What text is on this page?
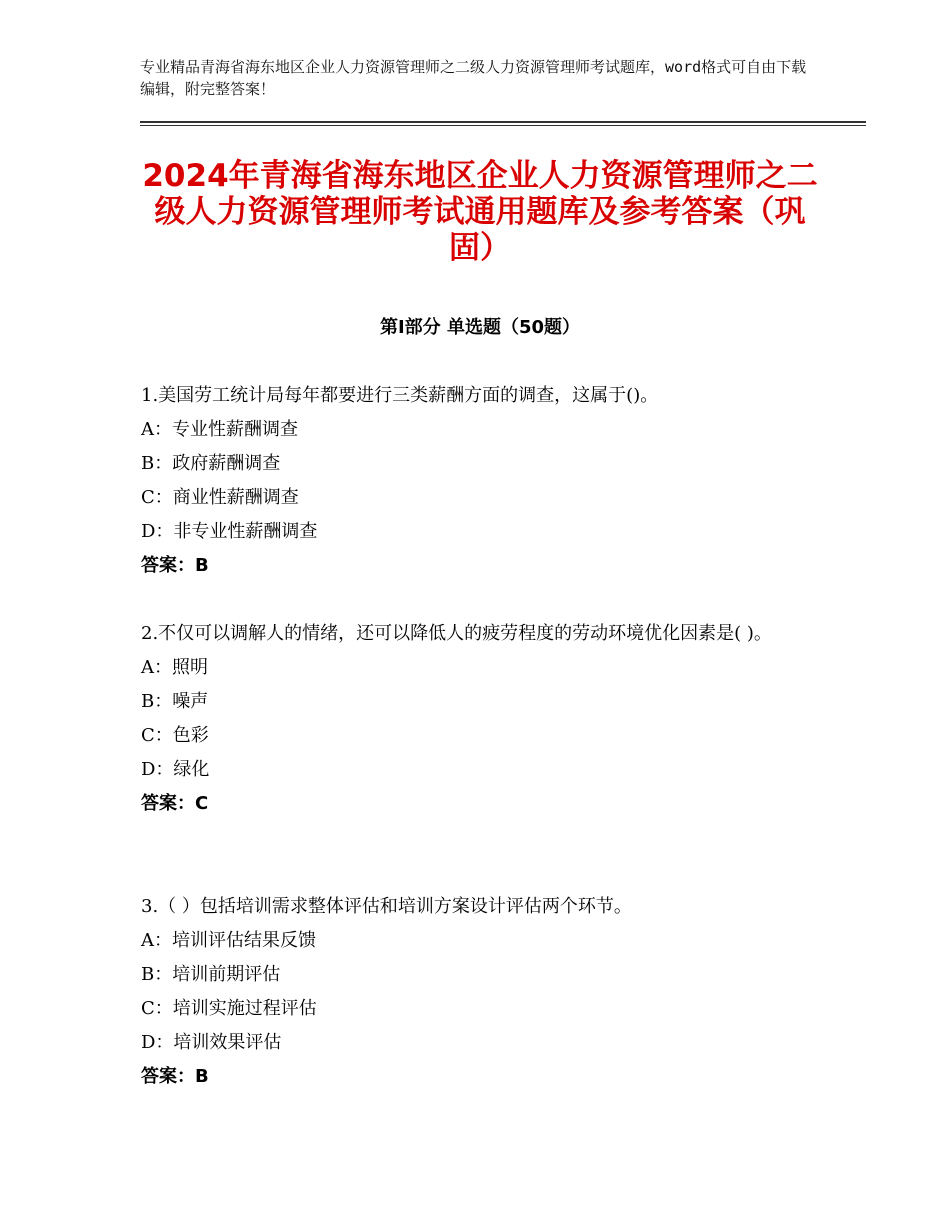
专业精品青海省海东地区企业人力资源管理师之二级人力资源管理师考试题库，word格式可自由下载编辑，附完整答案！
2024年青海省海东地区企业人力资源管理师之二级人力资源管理师考试通用题库及参考答案（巩固）
第Ⅰ部分 单选题（50题）
1.美国劳工统计局每年都要进行三类薪酬方面的调查，这属于()。
A：专业性薪酬调查
B：政府薪酬调查
C：商业性薪酬调查
D：非专业性薪酬调查
答案：B
2.不仅可以调解人的情绪，还可以降低人的疲劳程度的劳动环境优化因素是( )。
A：照明
B：噪声
C：色彩
D：绿化
答案：C
3.（ ）包括培训需求整体评估和培训方案设计评估两个环节。
A：培训评估结果反馈
B：培训前期评估
C：培训实施过程评估
D：培训效果评估
答案：B
